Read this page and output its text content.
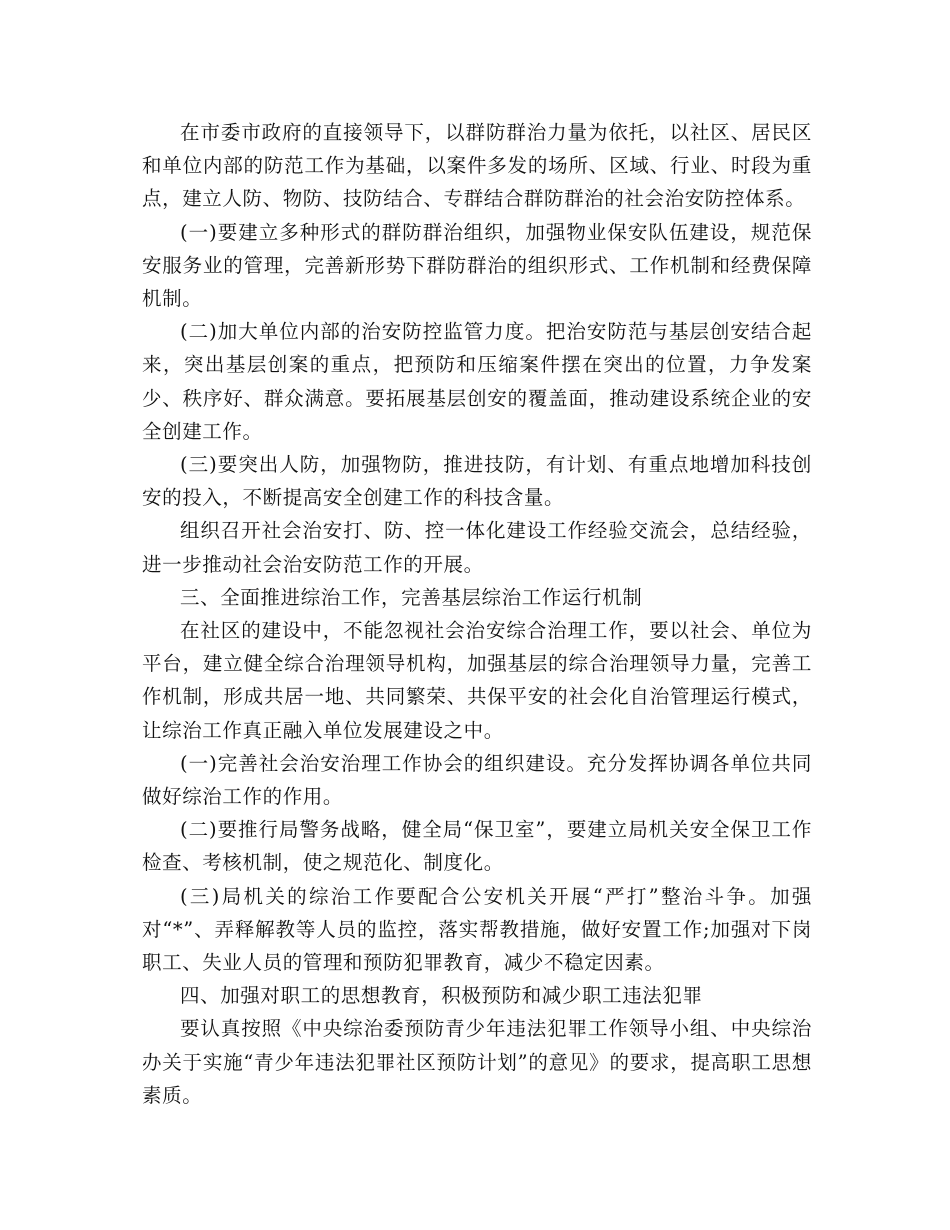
在市委市政府的直接领导下，以群防群治力量为依托，以社区、居民区和单位内部的防范工作为基础，以案件多发的场所、区域、行业、时段为重点，建立人防、物防、技防结合、专群结合群防群治的社会治安防控体系。

(一)要建立多种形式的群防群治组织，加强物业保安队伍建设，规范保安服务业的管理，完善新形势下群防群治的组织形式、工作机制和经费保障机制。

(二)加大单位内部的治安防控监管力度。把治安防范与基层创安结合起来，突出基层创案的重点，把预防和压缩案件摆在突出的位置，力争发案少、秩序好、群众满意。要拓展基层创安的覆盖面，推动建设系统企业的安全创建工作。

(三)要突出人防，加强物防，推进技防，有计划、有重点地增加科技创安的投入，不断提高安全创建工作的科技含量。

组织召开社会治安打、防、控一体化建设工作经验交流会，总结经验，进一步推动社会治安防范工作的开展。

三、全面推进综治工作，完善基层综治工作运行机制

在社区的建设中，不能忽视社会治安综合治理工作，要以社会、单位为平台，建立健全综合治理领导机构，加强基层的综合治理领导力量，完善工作机制，形成共居一地、共同繁荣、共保平安的社会化自治管理运行模式，让综治工作真正融入单位发展建设之中。

(一)完善社会治安治理工作协会的组织建设。充分发挥协调各单位共同做好综治工作的作用。

(二)要推行局警务战略，健全局“保卫室”，要建立局机关安全保卫工作检查、考核机制，使之规范化、制度化。

(三)局机关的综治工作要配合公安机关开展“严打”整治斗争。加强对“*”、弄释解教等人员的监控，落实帮教措施，做好安置工作;加强对下岗职工、失业人员的管理和预防犯罪教育，减少不稳定因素。

四、加强对职工的思想教育，积极预防和减少职工违法犯罪

要认真按照《中央综治委预防青少年违法犯罪工作领导小组、中央综治办关于实施“青少年违法犯罪社区预防计划”的意见》的要求，提高职工思想素质。
